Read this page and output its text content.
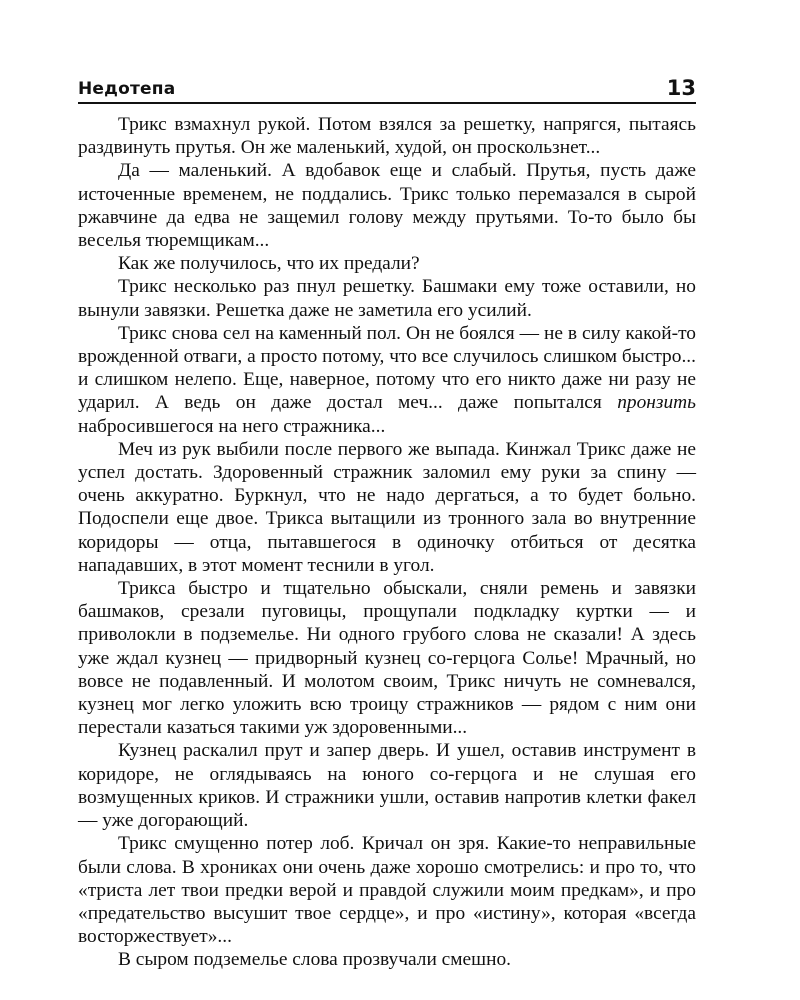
Недотепа	13

Трикс взмахнул рукой. Потом взялся за решетку, напрягся, пытаясь раздвинуть прутья. Он же маленький, худой, он проскользнет...

Да — маленький. А вдобавок еще и слабый. Прутья, пусть даже источенные временем, не поддались. Трикс только перемазался в сырой ржавчине да едва не защемил голову между прутьями. То-то было бы веселья тюремщикам...

Как же получилось, что их предали?

Трикс несколько раз пнул решетку. Башмаки ему тоже оставили, но вынули завязки. Решетка даже не заметила его усилий.

Трикс снова сел на каменный пол. Он не боялся — не в силу какой-то врожденной отваги, а просто потому, что все случилось слишком быстро... и слишком нелепо. Еще, наверное, потому что его никто даже ни разу не ударил. А ведь он даже достал меч... даже попытался пронзить набросившегося на него стражника...

Меч из рук выбили после первого же выпада. Кинжал Трикс даже не успел достать. Здоровенный стражник заломил ему руки за спину — очень аккуратно. Буркнул, что не надо дергаться, а то будет больно. Подоспели еще двое. Трикса вытащили из тронного зала во внутренние коридоры — отца, пытавшегося в одиночку отбиться от десятка нападавших, в этот момент теснили в угол.

Трикса быстро и тщательно обыскали, сняли ремень и завязки башмаков, срезали пуговицы, прощупали подкладку куртки — и приволокли в подземелье. Ни одного грубого слова не сказали! А здесь уже ждал кузнец — придворный кузнец со-герцога Солье! Мрачный, но вовсе не подавленный. И молотом своим, Трикс ничуть не сомневался, кузнец мог легко уложить всю троицу стражников — рядом с ним они перестали казаться такими уж здоровенными...

Кузнец раскалил прут и запер дверь. И ушел, оставив инструмент в коридоре, не оглядываясь на юного со-герцога и не слушая его возмущенных криков. И стражники ушли, оставив напротив клетки факел — уже догорающий.

Трикс смущенно потер лоб. Кричал он зря. Какие-то неправильные были слова. В хрониках они очень даже хорошо смотрелись: и про то, что «триста лет твои предки верой и правдой служили моим предкам», и про «предательство высушит твое сердце», и про «истину», которая «всегда восторжествует»...

В сыром подземелье слова прозвучали смешно.
